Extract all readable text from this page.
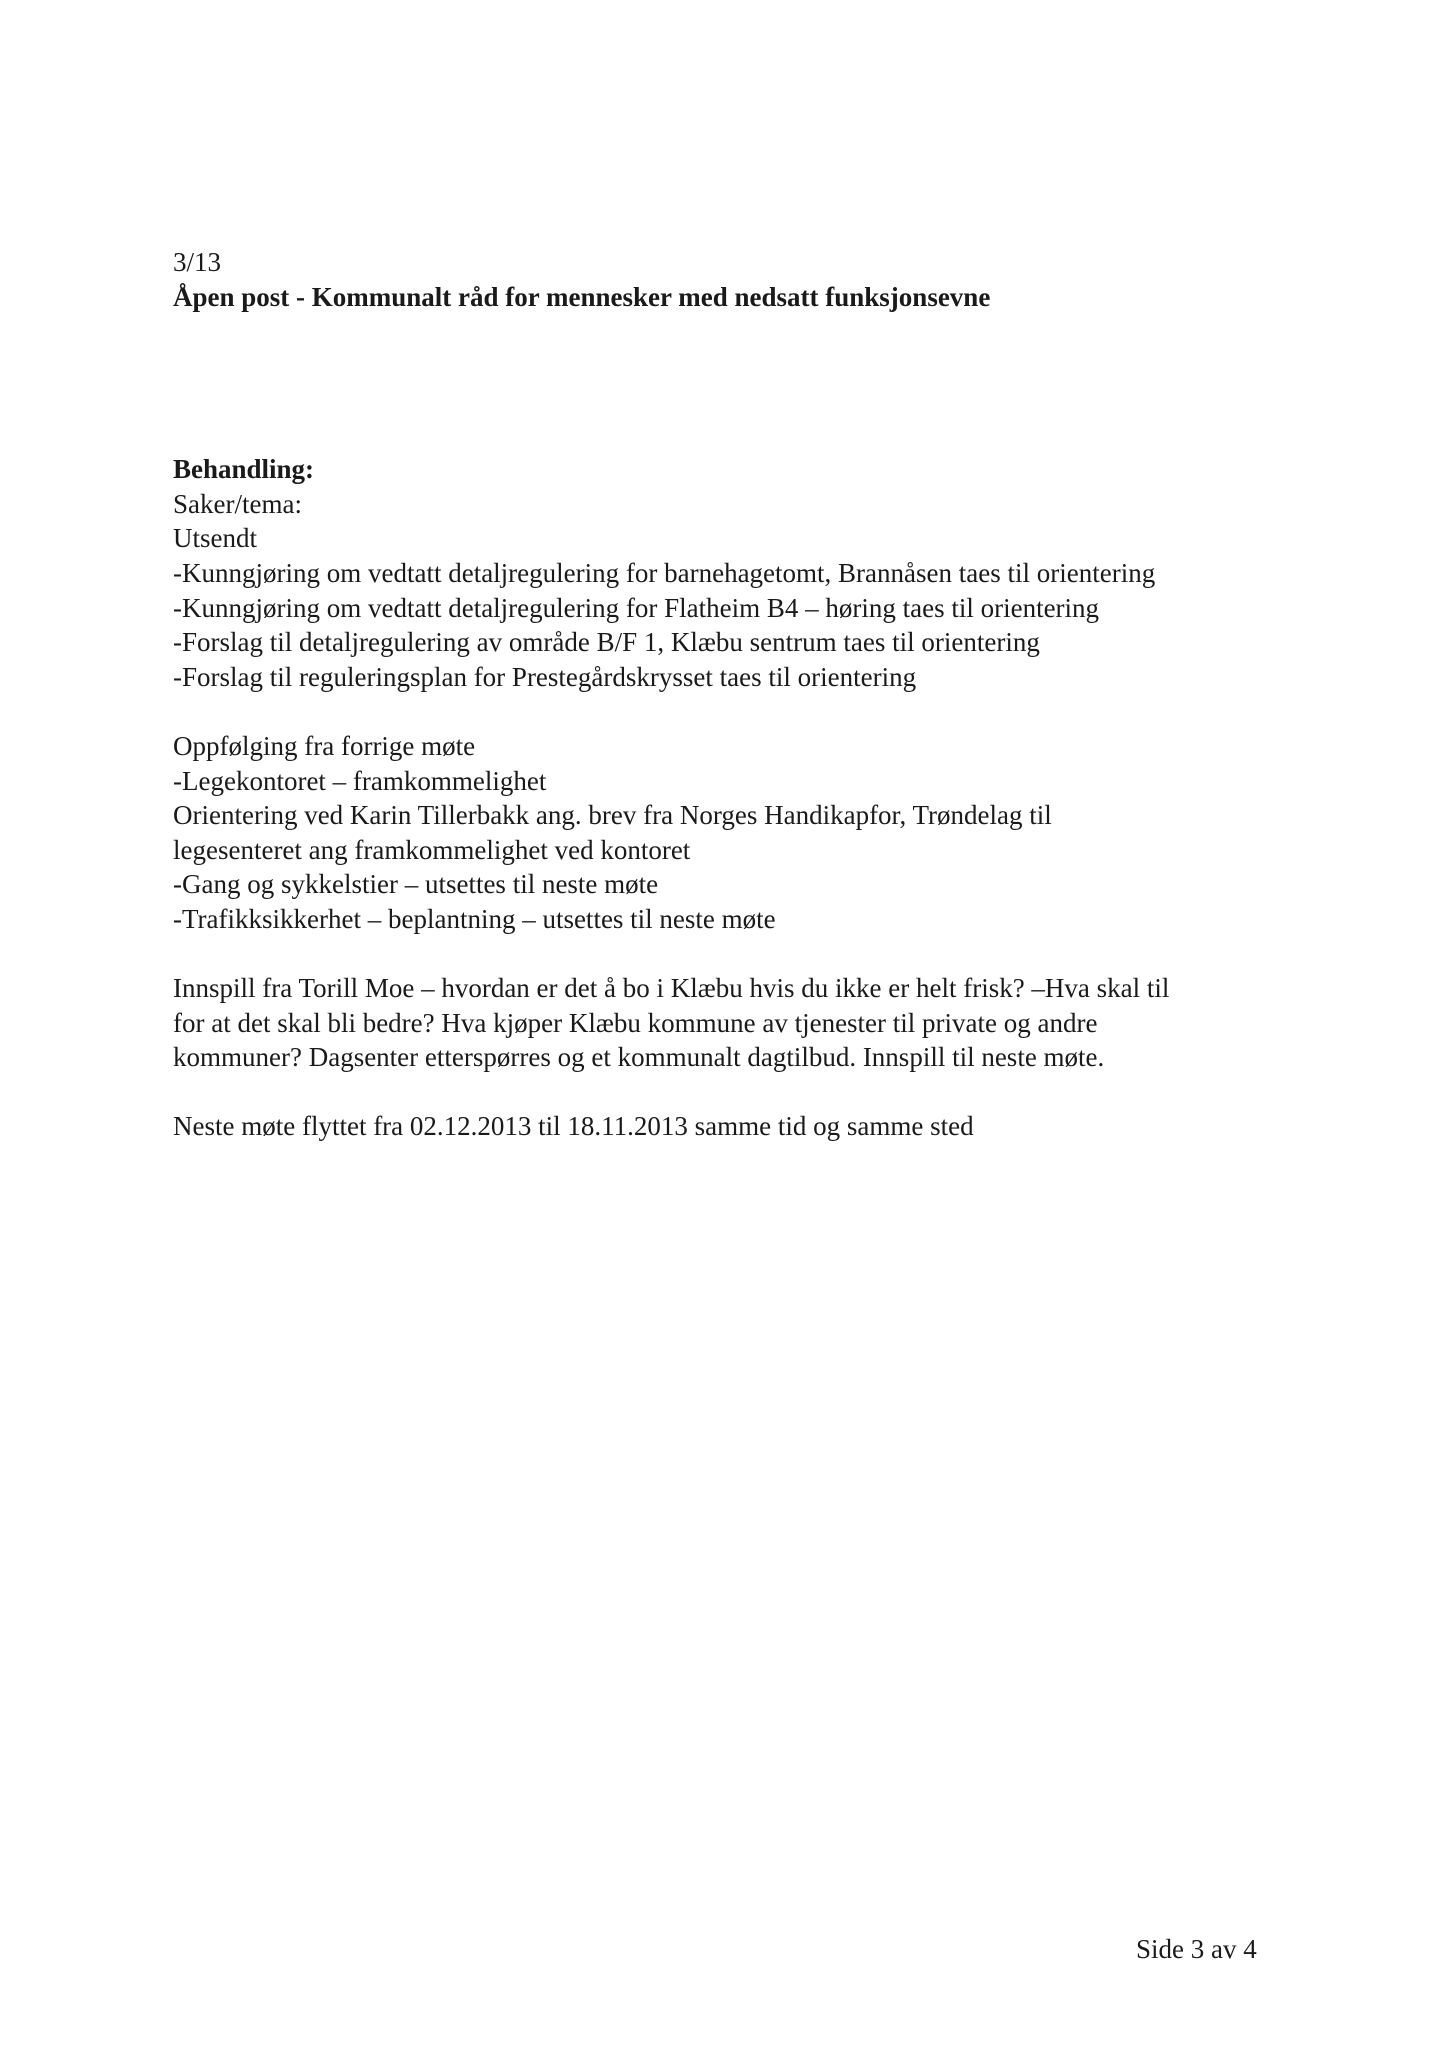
3/13
Åpen post - Kommunalt råd for mennesker med nedsatt funksjonsevne
Behandling:
Saker/tema:
Utsendt
-Kunngjøring om vedtatt detaljregulering for barnehagetomt, Brannåsen taes til orientering
-Kunngjøring om vedtatt detaljregulering for Flatheim B4 – høring taes til orientering
-Forslag til detaljregulering av område B/F 1, Klæbu sentrum taes til orientering
-Forslag til reguleringsplan for Prestegårdskrysset taes til orientering
Oppfølging fra forrige møte
-Legekontoret – framkommelighet
Orientering ved Karin Tillerbakk ang. brev fra Norges Handikapfor, Trøndelag til
legesenteret ang framkommelighet ved kontoret
-Gang og sykkelstier – utsettes til neste møte
-Trafikksikkerhet – beplantning – utsettes til neste møte
Innspill fra Torill Moe – hvordan er det å bo i Klæbu hvis du ikke er helt frisk? –Hva skal til
for at det skal bli bedre? Hva kjøper Klæbu kommune av tjenester til private og andre
kommuner? Dagsenter etterspørres og et kommunalt dagtilbud. Innspill til neste møte.
Neste møte flyttet fra 02.12.2013 til 18.11.2013 samme tid og samme sted
Side 3 av 4
